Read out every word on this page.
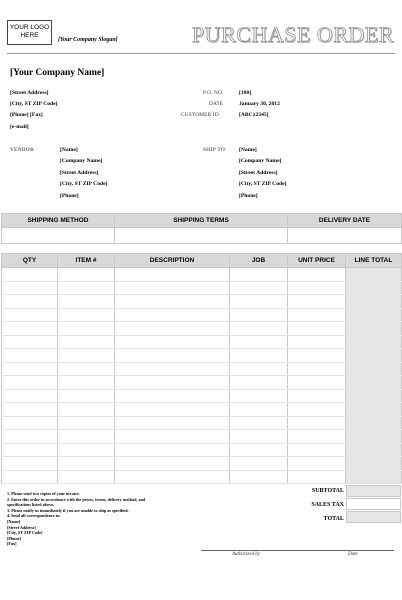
YOUR LOGO HERE
[Your Company Slogan]	PURCHASE ORDER
[Your Company Name]
[Street Address]
[City, ST ZIP Code]
[Phone] [Fax]
[e-mail]
P.O. NO.	[100]
DATE	January 30, 2012
CUSTOMER ID	[ABC12345]
VENDOR	[Name]
[Company Name]
[Street Address]
[City, ST ZIP Code]
[Phone]
SHIP TO [Name]
[Company Name]
[Street Address]
[City, ST ZIP Code]
[Phone]
SHIPPING METHOD	SHIPPING TERMS	DELIVERY DATE

QTY	ITEM #	DESCRIPTION	JOB	UNIT PRICE	LINE TOTAL

SUBTOTAL
SALES TAX
TOTAL
1. Please send two copies of your invoice.
2. Enter this order in accordance with the prices, terms, delivery method, and
specifications listed above.
3. Please notify us immediately if you are unable to ship as specified.
4. Send all correspondence to:
[Name]
[Street Address]
[City, ST ZIP Code]
[Phone]
[Fax]
Authorized by	Date
